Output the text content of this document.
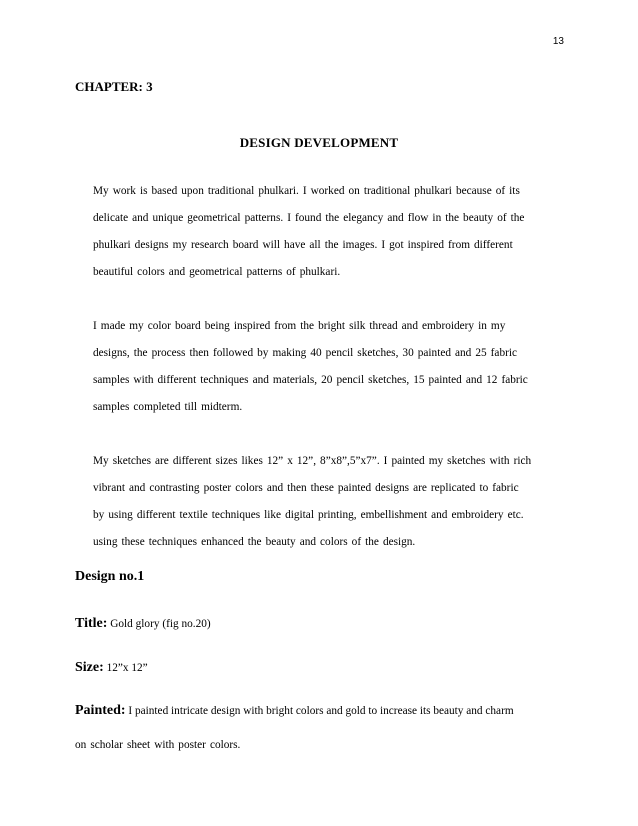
13
CHAPTER: 3
DESIGN DEVELOPMENT
My work is based upon traditional phulkari. I worked on traditional phulkari because of its
delicate and unique geometrical patterns. I found the elegancy and flow in the beauty of the
phulkari designs my research board will have all the images. I got inspired from different
beautiful colors and geometrical patterns of phulkari.
I made my color board being inspired from the bright silk thread and embroidery in my
designs, the process then followed by making 40 pencil sketches, 30 painted and 25 fabric
samples with different techniques and materials, 20 pencil sketches, 15 painted and 12 fabric
samples completed till midterm.
My sketches are different sizes likes 12” x 12”, 8”x8”,5”x7”. I painted my sketches with rich
vibrant and contrasting poster colors and then these painted designs are replicated to fabric
by using different textile techniques like digital printing, embellishment and embroidery etc.
using these techniques enhanced the beauty and colors of the design.
Design no.1
Title: Gold glory (fig no.20)
Size: 12”x 12”
Painted: I painted intricate design with bright colors and gold to increase its beauty and charm
on scholar sheet with poster colors.
